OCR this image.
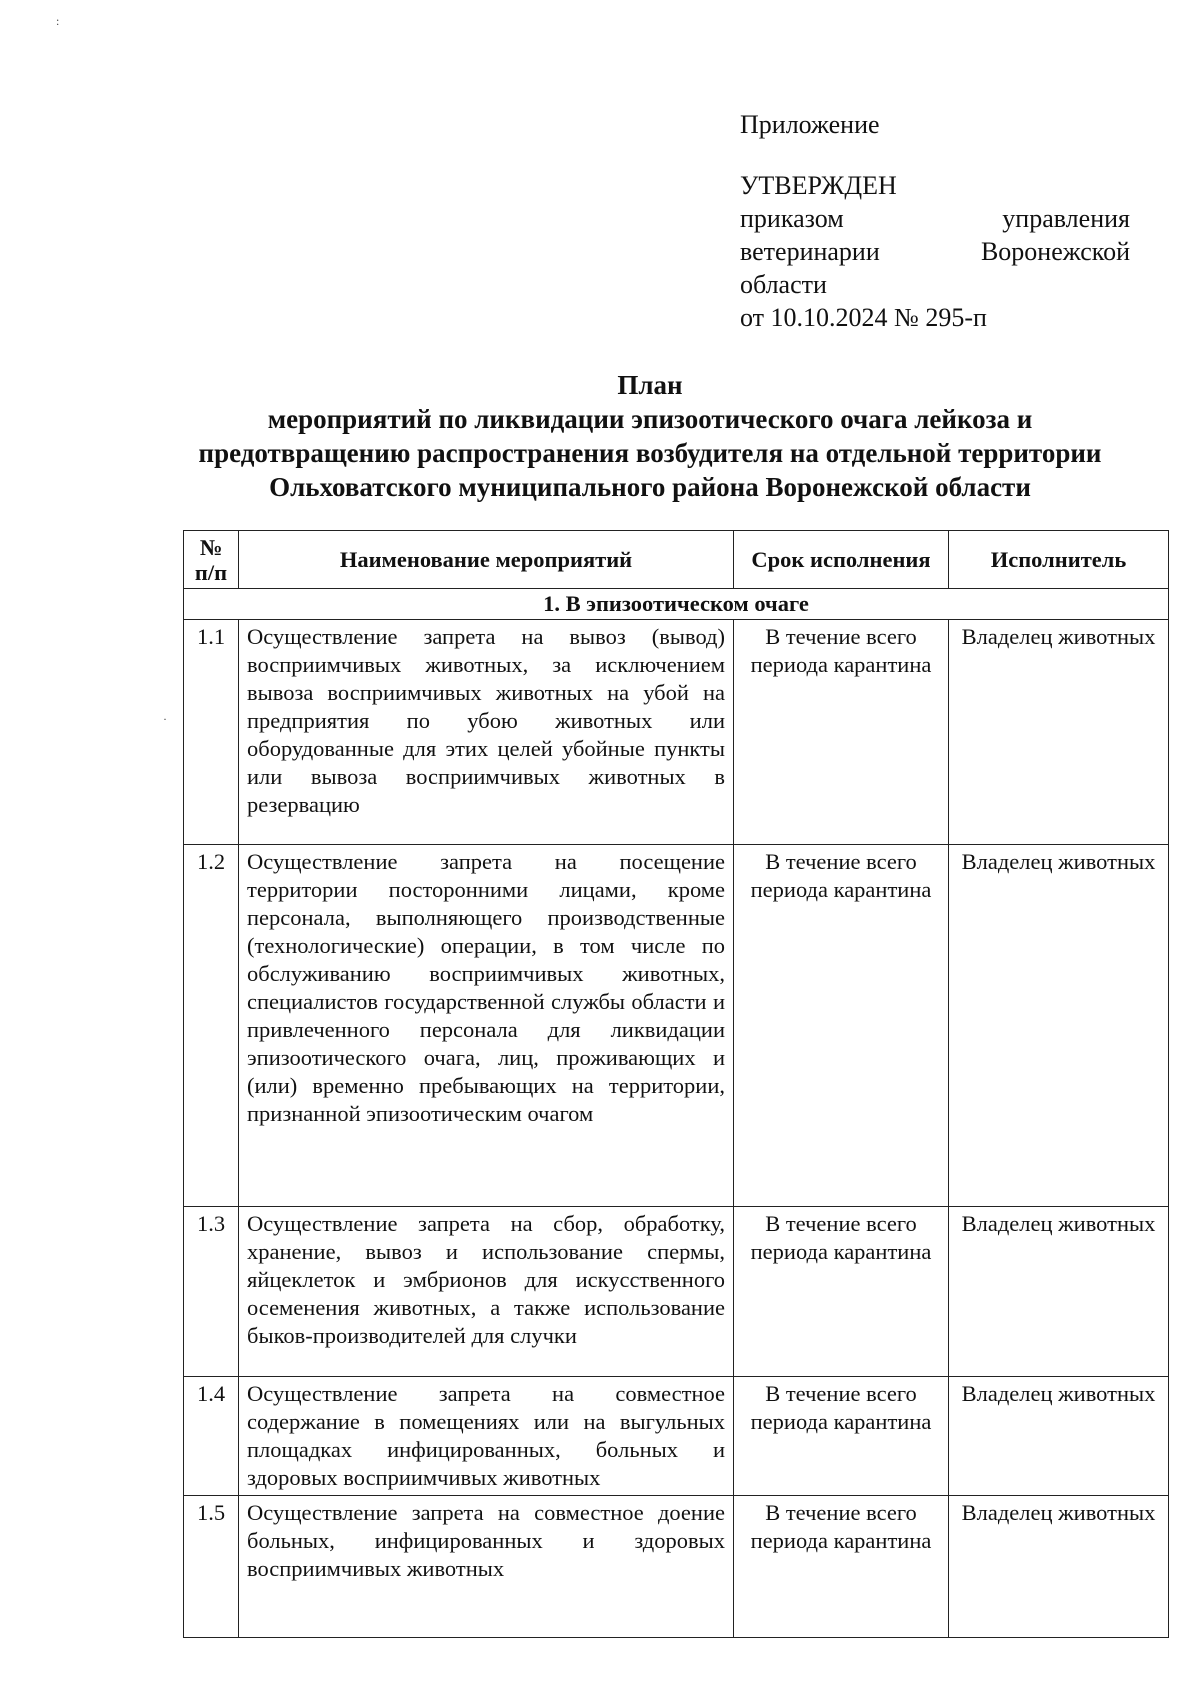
:
·
Приложение
УТВЕРЖДЕН
приказом	управления
ветеринарии	Воронежской
области
от 10.10.2024 № 295-п
План
мероприятий по ликвидации эпизоотического очага лейкоза и
предотвращению распространения возбудителя на отдельной территории
Ольховатского муниципального района Воронежской области
№ п/п	Наименование мероприятий	Срок исполнения	Исполнитель
1. В эпизоотическом очаге			
1.1	Осуществление запрета на вывоз (вывод) восприимчивых животных, за исключением вывоза восприимчивых животных на убой на предприятия по убою животных или оборудованные для этих целей убойные пункты или вывоза восприимчивых животных в резервацию	В течение всего периода карантина	Владелец животных
1.2	Осуществление запрета на посещение территории посторонними лицами, кроме персонала, выполняющего производственные (технологические) операции, в том числе по обслуживанию восприимчивых животных, специалистов государственной службы области и привлеченного персонала для ликвидации эпизоотического очага, лиц, проживающих и (или) временно пребывающих на территории, признанной эпизоотическим очагом	В течение всего периода карантина	Владелец животных
1.3	Осуществление запрета на сбор, обработку, хранение, вывоз и использование спермы, яйцеклеток и эмбрионов для искусственного осеменения животных, а также использование быков-производителей для случки	В течение всего периода карантина	Владелец животных
1.4	Осуществление запрета на совместное содержание в помещениях или на выгульных площадках инфицированных, больных и здоровых восприимчивых животных	В течение всего периода карантина	Владелец животных
1.5	Осуществление запрета на совместное доение больных, инфицированных и здоровых восприимчивых животных	В течение всего периода карантина	Владелец животных
